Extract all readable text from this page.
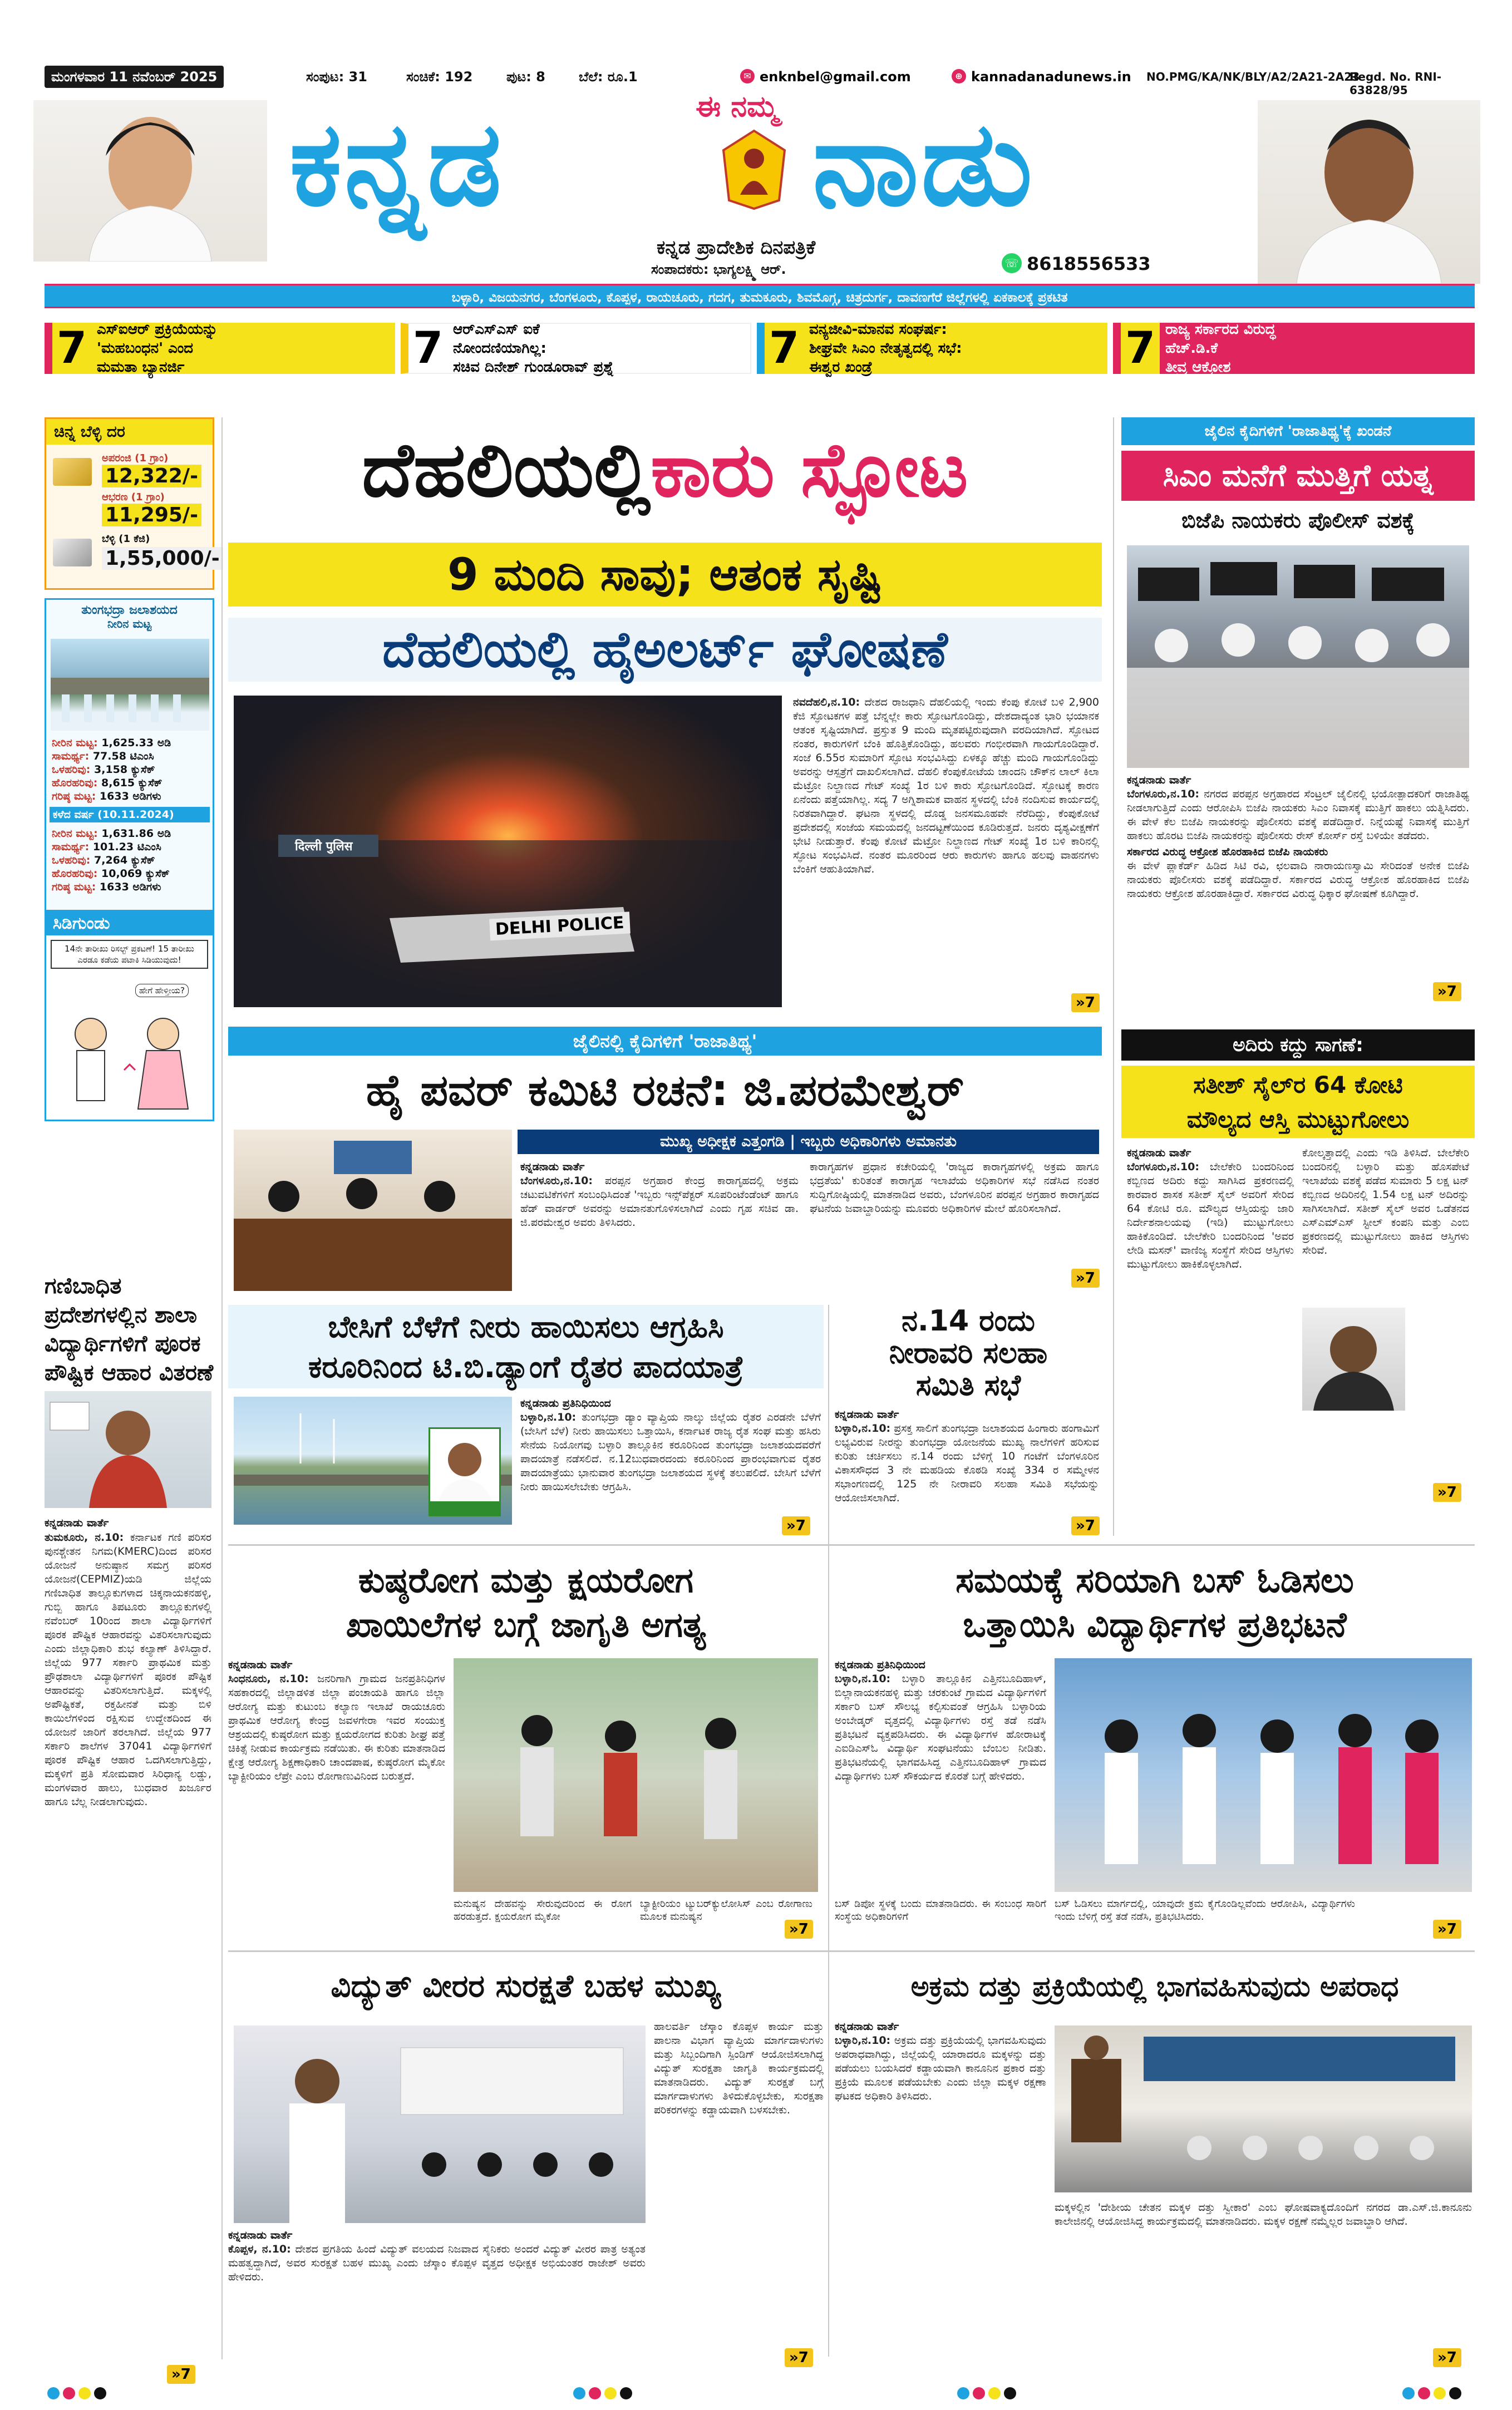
ಮಂಗಳವಾರ 11 ನವೆಂಬರ್ 2025	ಸಂಪುಟ: 31	ಸಂಚಿಕೆ: 192	ಪುಟ: 8	ಬೆಲೆ: ರೂ.1	✉ enknbel@gmail.com	⊕ kannadanadunews.in NO.PMG/KA/NK/BLY/A2/2A21-2A23
Regd. No. RNI- 63828/95
ಈ ನಮ್ಮ
ಕನ್ನಡ	ನಾಡು
ಕನ್ನಡ ಪ್ರಾದೇಶಿಕ ದಿನಪತ್ರಿಕೆ
ಸಂಪಾದಕರು: ಭಾಗ್ಯಲಕ್ಷ್ಮಿ ಆರ್.	☏ 8618556533
ಬಳ್ಳಾರಿ, ವಿಜಯನಗರ, ಬೆಂಗಳೂರು, ಕೊಪ್ಪಳ, ರಾಯಚೂರು, ಗದಗ, ತುಮಕೂರು, ಶಿವಮೊಗ್ಗ, ಚಿತ್ರದುರ್ಗ, ದಾವಣಗೆರೆ ಜಿಲ್ಲೆಗಳಲ್ಲಿ ಏಕಕಾಲಕ್ಕೆ ಪ್ರಕಟಿತ
7 ಎಸ್‌ಐಆರ್ ಪ್ರಕ್ರಿಯೆಯನ್ನು
'ಮಹಬಂಧನ' ಎಂದ
ಮಮತಾ ಬ್ಯಾನರ್ಜಿ	7 ಆರ್‌ಎಸ್‌ಎಸ್ ಐಕೆ
ನೋಂದಣಿಯಾಗಿಲ್ಲ:
ಸಚಿವ ದಿನೇಶ್ ಗುಂಡೂರಾವ್ ಪ್ರಶ್ನೆ	7 ವನ್ಯಜೀವಿ-ಮಾನವ ಸಂಘರ್ಷ:
ಶೀಘ್ರವೇ ಸಿಎಂ ನೇತೃತ್ವದಲ್ಲಿ ಸಭೆ:
ಈಶ್ವರ ಖಂಡ್ರೆ	7 ರಾಜ್ಯ ಸರ್ಕಾರದ ವಿರುದ್ಧ
ಹೆಚ್.ಡಿ.ಕೆ
ತೀವ್ರ ಆಕ್ರೋಶ
ಚಿನ್ನ ಬೆಳ್ಳಿ ದರ
ಅಪರಂಜಿ (1 ಗ್ರಾಂ)
12,322/-
ಆಭರಣ (1 ಗ್ರಾಂ)
11,295/-
ಬೆಳ್ಳಿ (1 ಕೆಜಿ)
1,55,000/-
ತುಂಗಭದ್ರಾ ಜಲಾಶಯದ
ನೀರಿನ ಮಟ್ಟ
ನೀರಿನ ಮಟ್ಟ: 1,625.33 ಅಡಿ
ಸಾಮರ್ಥ್ಯ: 77.58 ಟಿಎಂಸಿ
ಒಳಹರಿವು: 3,158 ಕ್ಯುಸೆಕ್
ಹೊರಹರಿವು: 8,615 ಕ್ಯುಸೆಕ್
ಗರಿಷ್ಠ ಮಟ್ಟ: 1633 ಅಡಿಗಳು
ಕಳೆದ ವರ್ಷ (10.11.2024)
ನೀರಿನ ಮಟ್ಟ: 1,631.86 ಅಡಿ
ಸಾಮರ್ಥ್ಯ: 101.23 ಟಿಎಂಸಿ
ಒಳಹರಿವು: 7,264 ಕ್ಯುಸೆಕ್
ಹೊರಹರಿವು: 10,069 ಕ್ಯುಸೆಕ್
ಗರಿಷ್ಠ ಮಟ್ಟ: 1633 ಅಡಿಗಳು
ಸಿಡಿಗುಂಡು
14ನೇ ತಾರೀಖು ರಿಸಲ್ಟ್ ಪ್ರಕಟಣೆ! 15 ತಾರೀಖು ಎರಡೂ ಕಡೆಯ ಪಟಾಕಿ ಸಿಡಿಯುವುದು!
ಹೇಗೆ ಹೇಳ್ತೀಯ?
ಗಣಿಬಾಧಿತ ಪ್ರದೇಶಗಳಲ್ಲಿನ ಶಾಲಾ ವಿದ್ಯಾರ್ಥಿಗಳಿಗೆ ಪೂರಕ ಪೌಷ್ಟಿಕ ಆಹಾರ ವಿತರಣೆ
ಕನ್ನಡನಾಡು ವಾರ್ತೆ
ತುಮಕೂರು, ನ.10: ಕರ್ನಾಟಕ ಗಣಿ ಪರಿಸರ ಪುನಶ್ಚೇತನ ನಿಗಮ(KMERC)ದಿಂದ ಪರಿಸರ ಯೋಜನೆ ಅನುಷ್ಠಾನ ಸಮಗ್ರ ಪರಿಸರ ಯೋಜನೆ(CEPMIZ)ಯಡಿ ಜಿಲ್ಲೆಯ ಗಣಿಬಾಧಿತ ತಾಲ್ಲೂಕುಗಳಾದ ಚಿಕ್ಕನಾಯಕನಹಳ್ಳಿ, ಗುಬ್ಬಿ ಹಾಗೂ ತಿಪಟೂರು ತಾಲ್ಲೂಕುಗಳಲ್ಲಿ ನವೆಂಬರ್ 10ರಿಂದ ಶಾಲಾ ವಿದ್ಯಾರ್ಥಿಗಳಿಗೆ ಪೂರಕ ಪೌಷ್ಟಿಕ ಆಹಾರವನ್ನು ವಿತರಿಸಲಾಗುವುದು ಎಂದು ಜಿಲ್ಲಾಧಿಕಾರಿ ಶುಭ ಕಲ್ಯಾಣ್ ತಿಳಿಸಿದ್ದಾರೆ. ಜಿಲ್ಲೆಯ 977 ಸರ್ಕಾರಿ ಪ್ರಾಥಮಿಕ ಮತ್ತು ಪ್ರೌಢಶಾಲಾ ವಿದ್ಯಾರ್ಥಿಗಳಿಗೆ ಪೂರಕ ಪೌಷ್ಟಿಕ ಆಹಾರವನ್ನು ವಿತರಿಸಲಾಗುತ್ತಿದೆ. ಮಕ್ಕಳಲ್ಲಿ ಅಪೌಷ್ಟಿಕತೆ, ರಕ್ತಹೀನತೆ ಮತ್ತು ಬಿಳಿ ಕಾಯಿಲೆಗಳಿಂದ ರಕ್ಷಿಸುವ ಉದ್ದೇಶದಿಂದ ಈ ಯೋಜನೆ ಜಾರಿಗೆ ತರಲಾಗಿದೆ. ಜಿಲ್ಲೆಯ 977 ಸರ್ಕಾರಿ ಶಾಲೆಗಳ 37041 ವಿದ್ಯಾರ್ಥಿಗಳಿಗೆ ಪೂರಕ ಪೌಷ್ಟಿಕ ಆಹಾರ ಒದಗಿಸಲಾಗುತ್ತಿದ್ದು, ಮಕ್ಕಳಿಗೆ ಪ್ರತಿ ಸೋಮವಾರ ಸಿರಿಧಾನ್ಯ ಲಡ್ಡು, ಮಂಗಳವಾರ ಹಾಲು, ಬುಧವಾರ ಖರ್ಜೂರ ಹಾಗೂ ಬೆಲ್ಲ ನೀಡಲಾಗುವುದು.
»7
ದೆಹಲಿಯಲ್ಲಿಕಾರು ಸ್ಫೋಟ
9 ಮಂದಿ ಸಾವು; ಆತಂಕ ಸೃಷ್ಟಿ
ದೆಹಲಿಯಲ್ಲಿ ಹೈಅಲರ್ಟ್ ಘೋಷಣೆ
DELHI POLICE
दिल्ली पुलिस
ನವದೆಹಲಿ,ನ.10: ದೇಶದ ರಾಜಧಾನಿ ದೆಹಲಿಯಲ್ಲಿ ಇಂದು ಕೆಂಪು ಕೋಟೆ ಬಳಿ 2,900 ಕೆಜಿ ಸ್ಫೋಟಕಗಳ ಪತ್ತೆ ಬೆನ್ನಲ್ಲೇ ಕಾರು ಸ್ಫೋಟಗೊಂಡಿದ್ದು, ದೇಶದಾದ್ಯಂತ ಭಾರಿ ಭಯಾನಕ ಆತಂಕ ಸೃಷ್ಟಿಯಾಗಿದೆ. ಪ್ರಸ್ತುತ 9 ಮಂದಿ ಮೃತಪಟ್ಟಿರುವುದಾಗಿ ವರದಿಯಾಗಿದೆ. ಸ್ಫೋಟದ ನಂತರ, ಕಾರುಗಳಿಗೆ ಬೆಂಕಿ ಹೊತ್ತಿಕೊಂಡಿದ್ದು, ಹಲವರು ಗಂಭೀರವಾಗಿ ಗಾಯಗೊಂಡಿದ್ದಾರೆ. ಸಂಜೆ 6.55ರ ಸುಮಾರಿಗೆ ಸ್ಫೋಟ ಸಂಭವಿಸಿದ್ದು ಏಳಕ್ಕೂ ಹೆಚ್ಚು ಮಂದಿ ಗಾಯಗೊಂಡಿದ್ದು ಅವರನ್ನು ಆಸ್ಪತ್ರೆಗೆ ದಾಖಲಿಸಲಾಗಿದೆ. ದೆಹಲಿ ಕೆಂಪುಕೋಟೆಯ ಚಾಂದನಿ ಚೌಕ್‌ನ ಲಾಲ್ ಕಿಲಾ ಮೆಟ್ರೋ ನಿಲ್ದಾಣದ ಗೇಟ್ ಸಂಖ್ಯೆ 1ರ ಬಳಿ ಕಾರು ಸ್ಫೋಟಗೊಂಡಿದೆ. ಸ್ಫೋಟಕ್ಕೆ ಕಾರಣ ಏನೆಂದು ಪತ್ತೆಯಾಗಿಲ್ಲ. ಸದ್ಯ 7 ಅಗ್ನಿಶಾಮಕ ವಾಹನ ಸ್ಥಳದಲ್ಲಿ ಬೆಂಕಿ ನಂದಿಸುವ ಕಾರ್ಯದಲ್ಲಿ ನಿರತವಾಗಿದ್ದಾರೆ. ಘಟನಾ ಸ್ಥಳದಲ್ಲಿ ದೊಡ್ಡ ಜನಸಮೂಹವೇ ನೆರೆದಿದ್ದು, ಕೆಂಪುಕೋಟೆ ಪ್ರದೇಶದಲ್ಲಿ ಸಂಜೆಯ ಸಮಯದಲ್ಲಿ ಜನದಟ್ಟಣೆಯಿಂದ ಕೂಡಿರುತ್ತದೆ. ಜನರು ದೃಶ್ಯವೀಕ್ಷಣೆಗೆ ಭೇಟಿ ನೀಡುತ್ತಾರೆ. ಕೆಂಪು ಕೋಟೆ ಮೆಟ್ರೋ ನಿಲ್ದಾಣದ ಗೇಟ್ ಸಂಖ್ಯೆ 1ರ ಬಳಿ ಕಾರಿನಲ್ಲಿ ಸ್ಫೋಟ ಸಂಭವಿಸಿದೆ. ನಂತರ ಮೂರರಿಂದ ಆರು ಕಾರುಗಳು ಹಾಗೂ ಹಲವು ವಾಹನಗಳು ಬೆಂಕಿಗೆ ಆಹುತಿಯಾಗಿವೆ.
»7
ಜೈಲಿನ ಕೈದಿಗಳಿಗೆ 'ರಾಜಾತಿಥ್ಯ'ಕ್ಕೆ ಖಂಡನೆ
ಸಿಎಂ ಮನೆಗೆ ಮುತ್ತಿಗೆ ಯತ್ನ
ಬಿಜೆಪಿ ನಾಯಕರು ಪೊಲೀಸ್ ವಶಕ್ಕೆ
ಕನ್ನಡನಾಡು ವಾರ್ತೆ
ಬೆಂಗಳೂರು,ನ.10: ನಗರದ ಪರಪ್ಪನ ಅಗ್ರಹಾರದ ಸೆಂಟ್ರಲ್ ಜೈಲಿನಲ್ಲಿ ಭಯೋತ್ಪಾದಕರಿಗೆ ರಾಜಾತಿಥ್ಯ ನೀಡಲಾಗುತ್ತಿದೆ ಎಂದು ಆರೋಪಿಸಿ ಬಿಜೆಪಿ ನಾಯಕರು ಸಿಎಂ ನಿವಾಸಕ್ಕೆ ಮುತ್ತಿಗೆ ಹಾಕಲು ಯತ್ನಿಸಿದರು. ಈ ವೇಳೆ ಕೆಲ ಬಿಜೆಪಿ ನಾಯಕರನ್ನು ಪೊಲೀಸರು ವಶಕ್ಕೆ ಪಡೆದಿದ್ದಾರೆ. ನಿನ್ನೆಯಷ್ಟೆ ನಿವಾಸಕ್ಕೆ ಮುತ್ತಿಗೆ ಹಾಕಲು ಹೊರಟ ಬಿಜೆಪಿ ನಾಯಕರನ್ನು ಪೊಲೀಸರು ರೇಸ್ ಕೋರ್ಸ್ ರಸ್ತೆ ಬಳಿಯೇ ತಡೆದರು.
ಸರ್ಕಾರದ ವಿರುದ್ಧ ಆಕ್ರೋಶ ಹೊರಹಾಕಿದ ಬಿಜೆಪಿ ನಾಯಕರು
ಈ ವೇಳೆ ಪ್ಲಾಕೆರ್ಡ್ ಹಿಡಿದ ಸಿಟಿ ರವಿ, ಛಲವಾದಿ ನಾರಾಯಣಸ್ವಾಮಿ ಸೇರಿದಂತೆ ಅನೇಕ ಬಿಜೆಪಿ ನಾಯಕರು ಪೊಲೀಸರು ವಶಕ್ಕೆ ಪಡೆದಿದ್ದಾರೆ. ಸರ್ಕಾರದ ವಿರುದ್ಧ ಆಕ್ರೋಶ ಹೊರಹಾಕಿದ ಬಿಜೆಪಿ ನಾಯಕರು ಆಕ್ರೋಶ ಹೊರಹಾಕಿದ್ದಾರೆ. ಸರ್ಕಾರದ ವಿರುದ್ಧ ಧಿಕ್ಕಾರ ಘೋಷಣೆ ಕೂಗಿದ್ದಾರೆ.
»7
ಜೈಲಿನಲ್ಲಿ ಕೈದಿಗಳಿಗೆ 'ರಾಜಾತಿಥ್ಯ'
ಹೈ ಪವರ್ ಕಮಿಟಿ ರಚನೆ: ಜಿ.ಪರಮೇಶ್ವರ್
ಮುಖ್ಯ ಅಧೀಕ್ಷಕ ಎತ್ತಂಗಡಿ | ಇಬ್ಬರು ಅಧಿಕಾರಿಗಳು ಅಮಾನತು
ಕನ್ನಡನಾಡು ವಾರ್ತೆ
ಬೆಂಗಳೂರು,ನ.10: ಪರಪ್ಪನ ಅಗ್ರಹಾರ ಕೇಂದ್ರ ಕಾರಾಗೃಹದಲ್ಲಿ ಅಕ್ರಮ ಚಟುವಟಿಕೆಗಳಿಗೆ ಸಂಬಂಧಿಸಿದಂತೆ 'ಇಬ್ಬರು ಇನ್ಸ್‌ಪೆಕ್ಟರ್ ಸೂಪರಿಂಟೆಂಡೆಂಟ್ ಹಾಗೂ ಹೆಡ್ ವಾರ್ಡರ್ ಅವರನ್ನು ಅಮಾನತುಗೊಳಿಸಲಾಗಿದೆ ಎಂದು ಗೃಹ ಸಚಿವ ಡಾ. ಜಿ.ಪರಮೇಶ್ವರ ಅವರು ತಿಳಿಸಿದರು.
ಕಾರಾಗೃಹಗಳ ಪ್ರಧಾನ ಕಚೇರಿಯಲ್ಲಿ 'ರಾಜ್ಯದ ಕಾರಾಗೃಹಗಳಲ್ಲಿ ಅಕ್ರಮ ಹಾಗೂ ಭದ್ರತೆಯ' ಕುರಿತಂತೆ ಕಾರಾಗೃಹ ಇಲಾಖೆಯ ಅಧಿಕಾರಿಗಳ ಸಭೆ ನಡೆಸಿದ ನಂತರ ಸುದ್ದಿಗೋಷ್ಠಿಯಲ್ಲಿ ಮಾತನಾಡಿದ ಅವರು, ಬೆಂಗಳೂರಿನ ಪರಪ್ಪನ ಅಗ್ರಹಾರ ಕಾರಾಗೃಹದ ಘಟನೆಯ ಜವಾಬ್ದಾರಿಯನ್ನು ಮೂವರು ಅಧಿಕಾರಿಗಳ ಮೇಲೆ ಹೊರಿಸಲಾಗಿದೆ.
»7
ಅದಿರು ಕದ್ದು ಸಾಗಣೆ:
ಸತೀಶ್ ಸೈಲ್‌ರ 64 ಕೋಟಿ
ಮೌಲ್ಯದ ಆಸ್ತಿ ಮುಟ್ಟುಗೋಲು
ಕನ್ನಡನಾಡು ವಾರ್ತೆ
ಬೆಂಗಳೂರು,ನ.10: ಬೇಲೆಕೇರಿ ಬಂದರಿನಿಂದ ಕಬ್ಬಿಣದ ಅದಿರು ಕದ್ದು ಸಾಗಿಸಿದ ಪ್ರಕರಣದಲ್ಲಿ ಕಾರವಾರ ಶಾಸಕ ಸತೀಶ್ ಸೈಲ್ ಅವರಿಗೆ ಸೇರಿದ 64 ಕೋಟಿ ರೂ. ಮೌಲ್ಯದ ಆಸ್ತಿಯನ್ನು ಜಾರಿ ನಿರ್ದೇಶನಾಲಯವು (ಇಡಿ) ಮುಟ್ಟುಗೋಲು ಹಾಕಿಕೊಂಡಿದೆ. ಬೇಲೆಕೇರಿ ಬಂದರಿನಿಂದ 'ಅವರ ಲೇಡಿ ಮಸನ್' ವಾಣಿಜ್ಯ ಸಂಸ್ಥೆಗೆ ಸೇರಿದ ಆಸ್ತಿಗಳು ಮುಟ್ಟುಗೋಲು ಹಾಕಿಕೊಳ್ಳಲಾಗಿದೆ.
ಕೋಲ್ಕತ್ತಾದಲ್ಲಿ ಎಂದು ಇಡಿ ತಿಳಿಸಿದೆ. ಬೇಲೆಕೇರಿ ಬಂದರಿನಲ್ಲಿ ಬಳ್ಳಾರಿ ಮತ್ತು ಹೊಸಪೇಟೆ ಇಲಾಖೆಯ ವಶಕ್ಕೆ ಪಡೆದ ಸುಮಾರು 5 ಲಕ್ಷ ಟನ್ ಕಬ್ಬಿಣದ ಅದಿರಿನಲ್ಲಿ 1.54 ಲಕ್ಷ ಟನ್ ಅದಿರನ್ನು ಸಾಗಿಸಲಾಗಿದೆ. ಸತೀಶ್ ಸೈಲ್ ಅವರ ಒಡೆತನದ ಎಸ್‌ಎಮ್ಎಸ್ ಸ್ಟೀಲ್ ಕಂಪನಿ ಮತ್ತು ಎಂಬಿ ಪ್ರಕರಣದಲ್ಲಿ ಮುಟ್ಟುಗೋಲು ಹಾಕಿದ ಆಸ್ತಿಗಳು ಸೇರಿವೆ.
»7
ಬೇಸಿಗೆ ಬೆಳೆಗೆ ನೀರು ಹಾಯಿಸಲು ಆಗ್ರಹಿಸಿ
ಕರೂರಿನಿಂದ ಟಿ.ಬಿ.ಡ್ಯಾಂಗೆ ರೈತರ ಪಾದಯಾತ್ರೆ
ಕನ್ನಡನಾಡು ಪ್ರತಿನಿಧಿಯಿಂದ
ಬಳ್ಳಾರಿ,ನ.10: ತುಂಗಭದ್ರಾ ಡ್ಯಾಂ ವ್ಯಾಪ್ತಿಯ ನಾಲ್ಕು ಜಿಲ್ಲೆಯ ರೈತರ ಎರಡನೇ ಬೆಳೆಗೆ (ಬೇಸಿಗೆ ಬೆಳೆ) ನೀರು ಹಾಯಿಸಲು ಒತ್ತಾಯಿಸಿ, ಕರ್ನಾಟಕ ರಾಜ್ಯ ರೈತ ಸಂಘ ಮತ್ತು ಹಸಿರು ಸೇನೆಯ ನಿಯೋಗವು ಬಳ್ಳಾರಿ ತಾಲ್ಲೂಕಿನ ಕರೂರಿನಿಂದ ತುಂಗಭದ್ರಾ ಜಲಾಶಯದವರೆಗೆ ಪಾದಯಾತ್ರೆ ನಡೆಸಲಿದೆ. ನ.12ಬುಧವಾರದಂದು ಕರೂರಿನಿಂದ ಪ್ರಾರಂಭವಾಗುವ ರೈತರ ಪಾದಯಾತ್ರೆಯು ಭಾನುವಾರ ತುಂಗಭದ್ರಾ ಜಲಾಶಯದ ಸ್ಥಳಕ್ಕೆ ತಲುಪಲಿದೆ. ಬೇಸಿಗೆ ಬೆಳೆಗೆ ನೀರು ಹಾಯಿಸಲೇಬೇಕು ಆಗ್ರಹಿಸಿ.
»7
ನ.14 ರಂದು
ನೀರಾವರಿ ಸಲಹಾ
ಸಮಿತಿ ಸಭೆ
ಕನ್ನಡನಾಡು ವಾರ್ತೆ
ಬಳ್ಳಾರಿ,ನ.10: ಪ್ರಸಕ್ತ ಸಾಲಿಗೆ ತುಂಗಭದ್ರಾ ಜಲಾಶಯದ ಹಿಂಗಾರು ಹಂಗಾಮಿಗೆ ಲಭ್ಯವಿರುವ ನೀರನ್ನು ತುಂಗಭದ್ರಾ ಯೋಜನೆಯ ಮುಖ್ಯ ನಾಲೆಗಳಿಗೆ ಹರಿಸುವ ಕುರಿತು ಚರ್ಚಿಸಲು ನ.14 ರಂದು ಬೆಳಿಗ್ಗೆ 10 ಗಂಟೆಗೆ ಬೆಂಗಳೂರಿನ ವಿಕಾಸಸೌಧದ 3 ನೇ ಮಹಡಿಯ ಕೊಠಡಿ ಸಂಖ್ಯೆ 334 ರ ಸಮ್ಮೇಳನ ಸಭಾಂಗಣದಲ್ಲಿ 125 ನೇ ನೀರಾವರಿ ಸಲಹಾ ಸಮಿತಿ ಸಭೆಯನ್ನು ಆಯೋಜಿಸಲಾಗಿದೆ.
»7
ಕುಷ್ಠರೋಗ ಮತ್ತು ಕ್ಷಯರೋಗ
ಖಾಯಿಲೆಗಳ ಬಗ್ಗೆ ಜಾಗೃತಿ ಅಗತ್ಯ
ಕನ್ನಡನಾಡು ವಾರ್ತೆ
ಸಿಂಧನೂರು, ನ.10: ಜನರಿಗಾಗಿ ಗ್ರಾಮದ ಜನಪ್ರತಿನಿಧಿಗಳ ಸಹಕಾರದಲ್ಲಿ ಜಿಲ್ಲಾಡಳಿತ ಜಿಲ್ಲಾ ಪಂಚಾಯತಿ ಹಾಗೂ ಜಿಲ್ಲಾ ಆರೋಗ್ಯ ಮತ್ತು ಕುಟುಂಬ ಕಲ್ಯಾಣ ಇಲಾಖೆ ರಾಯಚೂರು ಪ್ರಾಥಮಿಕ ಆರೋಗ್ಯ ಕೇಂದ್ರ ಜವಳಗೇರಾ ಇವರ ಸಂಯುಕ್ತ ಆಶ್ರಯದಲ್ಲಿ ಕುಷ್ಠರೋಗ ಮತ್ತು ಕ್ಷಯರೋಗದ ಕುರಿತು ಶೀಘ್ರ ಪತ್ತೆ ಚಿಕಿತ್ಸೆ ನೀಡುವ ಕಾರ್ಯಕ್ರಮ ನಡೆಯಿತು. ಈ ಕುರಿತು ಮಾತನಾಡಿದ ಕ್ಷೇತ್ರ ಆರೋಗ್ಯ ಶಿಕ್ಷಣಾಧಿಕಾರಿ ಚಾಂದಪಾಷ, ಕುಷ್ಠರೋಗ ಮೈಕೋ ಬ್ಯಾಕ್ಟೀರಿಯಂ ಲೆಪ್ರೇ ಎಂಬ ರೋಗಾಣುವಿನಿಂದ ಬರುತ್ತದೆ.
ಮನುಷ್ಯನ ದೇಹವನ್ನು ಸೇರುವುದರಿಂದ ಈ ರೋಗ ಹರಡುತ್ತದೆ. ಕ್ಷಯರೋಗ ಮೈಕೋ
ಬ್ಯಾಕ್ಟೀರಿಯಂ ಟ್ಯುಬರ್‌ಕ್ಯುಲೋಸಿಸ್ ಎಂಬ ರೋಗಾಣು ಮೂಲಕ ಮನುಷ್ಯನ
»7
ಸಮಯಕ್ಕೆ ಸರಿಯಾಗಿ ಬಸ್ ಓಡಿಸಲು
ಒತ್ತಾಯಿಸಿ ವಿದ್ಯಾರ್ಥಿಗಳ ಪ್ರತಿಭಟನೆ
ಕನ್ನಡನಾಡು ಪ್ರತಿನಿಧಿಯಿಂದ
ಬಳ್ಳಾರಿ,ನ.10: ಬಳ್ಳಾರಿ ತಾಲ್ಲೂಕಿನ ಎತ್ತಿನಬೂದಿಹಾಳ್, ಬಿಲ್ಲಾನಾಯಕನಹಳ್ಳಿ ಮತ್ತು ಚರಕುಂಟೆ ಗ್ರಾಮದ ವಿದ್ಯಾರ್ಥಿಗಳಿಗೆ ಸರ್ಕಾರಿ ಬಸ್ ಸೌಲಭ್ಯ ಕಲ್ಪಿಸುವಂತೆ ಆಗ್ರಹಿಸಿ ಬಳ್ಳಾರಿಯ ಅಂಬೇಡ್ಕರ್ ವೃತ್ತದಲ್ಲಿ ವಿದ್ಯಾರ್ಥಿಗಳು ರಸ್ತೆ ತಡೆ ನಡೆಸಿ ಪ್ರತಿಭಟನೆ ವ್ಯಕ್ತಪಡಿಸಿದರು. ಈ ವಿದ್ಯಾರ್ಥಿಗಳ ಹೋರಾಟಕ್ಕೆ ಎಐಡಿಎಸ್‌ಓ ವಿದ್ಯಾರ್ಥಿ ಸಂಘಟನೆಯು ಬೆಂಬಲ ನೀಡಿತು. ಪ್ರತಿಭಟನೆಯಲ್ಲಿ ಭಾಗವಹಿಸಿದ್ದ ಎತ್ತಿನಬೂದಿಹಾಳ್ ಗ್ರಾಮದ ವಿದ್ಯಾರ್ಥಿಗಳು ಬಸ್ ಸೌಕರ್ಯದ ಕೊರತೆ ಬಗ್ಗೆ ಹೇಳಿದರು.
ಬಸ್ ಡಿಪೋ ಸ್ಥಳಕ್ಕೆ ಬಂದು ಮಾತನಾಡಿದರು. ಈ ಸಂಬಂಧ ಸಾರಿಗೆ ಸಂಸ್ಥೆಯ ಅಧಿಕಾರಿಗಳಿಗೆ
ಬಸ್ ಓಡಿಸಲು ಮಾರ್ಗದಲ್ಲಿ, ಯಾವುದೇ ಕ್ರಮ ಕೈಗೊಂಡಿಲ್ಲವೆಂದು ಆರೋಪಿಸಿ, ವಿದ್ಯಾರ್ಥಿಗಳು ಇಂದು ಬೆಳಿಗ್ಗೆ ರಸ್ತೆ ತಡೆ ನಡೆಸಿ, ಪ್ರತಿಭಟಿಸಿದರು.
»7
ವಿದ್ಯುತ್ ವೀರರ ಸುರಕ್ಷತೆ ಬಹಳ ಮುಖ್ಯ
ಹಾಲವರ್ತಿ ಜೆಸ್ಕಾಂ ಕೊಪ್ಪಳ ಕಾರ್ಯ ಮತ್ತು ಪಾಲನಾ ವಿಭಾಗ ವ್ಯಾಪ್ತಿಯ ಮಾರ್ಗದಾಳುಗಳು ಮತ್ತು ಸಿಬ್ಬಂದಿಗಾಗಿ ಸ್ಪಿಂಡಿಗ್ ಆಯೋಜಿಸಲಾಗಿದ್ದ ವಿದ್ಯುತ್ ಸುರಕ್ಷತಾ ಜಾಗೃತಿ ಕಾರ್ಯಕ್ರಮದಲ್ಲಿ ಮಾತನಾಡಿದರು. ವಿದ್ಯುತ್ ಸುರಕ್ಷತೆ ಬಗ್ಗೆ ಮಾರ್ಗದಾಳುಗಳು ತಿಳಿದುಕೊಳ್ಳಬೇಕು, ಸುರಕ್ಷತಾ ಪರಿಕರಗಳನ್ನು ಕಡ್ಡಾಯವಾಗಿ ಬಳಸಬೇಕು.
ಕನ್ನಡನಾಡು ವಾರ್ತೆ
ಕೊಪ್ಪಳ, ನ.10: ದೇಶದ ಪ್ರಗತಿಯ ಹಿಂದೆ ವಿದ್ಯುತ್ ವಲಯದ ನಿಜವಾದ ಸೈನಿಕರು ಅಂದರೆ ವಿದ್ಯುತ್ ವೀರರ ಪಾತ್ರ ಅತ್ಯಂತ ಮಹತ್ವದ್ದಾಗಿದೆ, ಅವರ ಸುರಕ್ಷತೆ ಬಹಳ ಮುಖ್ಯ ಎಂದು ಜೆಸ್ಕಾಂ ಕೊಪ್ಪಳ ವೃತ್ತದ ಅಧೀಕ್ಷಕ ಅಭಿಯಂತರ ರಾಜೇಶ್ ಅವರು ಹೇಳಿದರು.
»7
ಅಕ್ರಮ ದತ್ತು ಪ್ರಕ್ರಿಯೆಯಲ್ಲಿ ಭಾಗವಹಿಸುವುದು ಅಪರಾಧ
ಕನ್ನಡನಾಡು ವಾರ್ತೆ
ಬಳ್ಳಾರಿ,ನ.10: ಅಕ್ರಮ ದತ್ತು ಪ್ರಕ್ರಿಯೆಯಲ್ಲಿ ಭಾಗವಹಿಸುವುದು ಅಪರಾಧವಾಗಿದ್ದು, ಜಿಲ್ಲೆಯಲ್ಲಿ ಯಾರಾದರೂ ಮಕ್ಕಳನ್ನು ದತ್ತು ಪಡೆಯಲು ಬಯಸಿದರೆ ಕಡ್ಡಾಯವಾಗಿ ಕಾನೂನಿನ ಪ್ರಕಾರ ದತ್ತು ಪ್ರಕ್ರಿಯೆ ಮೂಲಕ ಪಡೆಯಬೇಕು ಎಂದು ಜಿಲ್ಲಾ ಮಕ್ಕಳ ರಕ್ಷಣಾ ಘಟಕದ ಅಧಿಕಾರಿ ತಿಳಿಸಿದರು.
ಮಕ್ಕಳಲ್ಲಿನ 'ದೇಶೀಯ ಚೇತನ ಮಕ್ಕಳ ದತ್ತು ಸ್ವೀಕಾರ' ಎಂಬ ಘೋಷವಾಕ್ಯದೊಂದಿಗೆ ನಗರದ ಡಾ.ಎಸ್.ಜಿ.ಕಾನೂನು ಕಾಲೇಜಿನಲ್ಲಿ ಆಯೋಜಿಸಿದ್ದ ಕಾರ್ಯಕ್ರಮದಲ್ಲಿ ಮಾತನಾಡಿದರು. ಮಕ್ಕಳ ರಕ್ಷಣೆ ನಮ್ಮೆಲ್ಲರ ಜವಾಬ್ದಾರಿ ಆಗಿದೆ.
»7
